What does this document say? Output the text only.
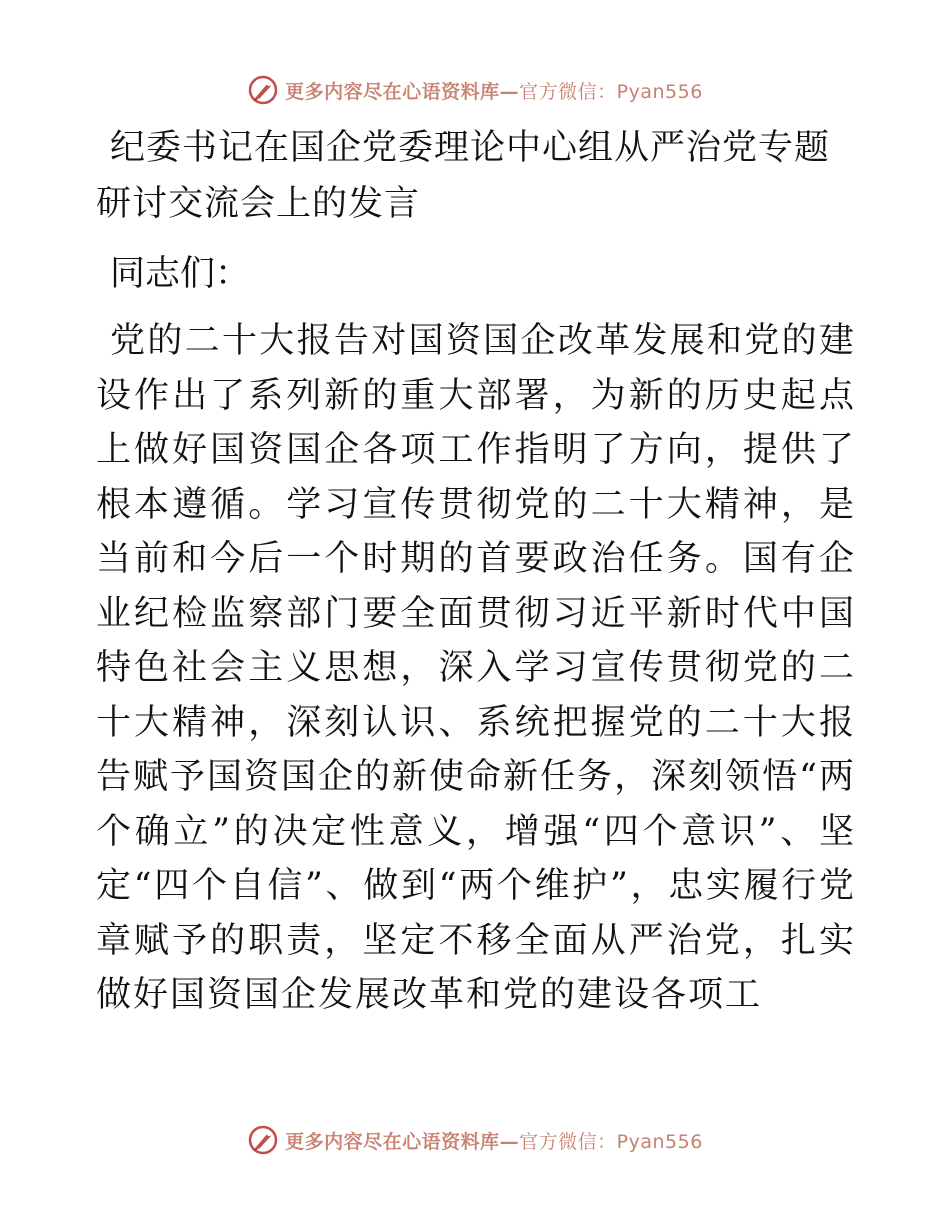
更多内容尽在心语资料库—官方微信：Pyan556
纪委书记在国企党委理论中心组从严治党专题研讨交流会上的发言

同志们：

党的二十大报告对国资国企改革发展和党的建设作出了系列新的重大部署，为新的历史起点上做好国资国企各项工作指明了方向，提供了根本遵循。学习宣传贯彻党的二十大精神，是当前和今后一个时期的首要政治任务。国有企业纪检监察部门要全面贯彻习近平新时代中国特色社会主义思想，深入学习宣传贯彻党的二十大精神，深刻认识、系统把握党的二十大报告赋予国资国企的新使命新任务，深刻领悟“两个确立”的决定性意义，增强“四个意识”、坚定“四个自信”、做到“两个维护”，忠实履行党章赋予的职责，坚定不移全面从严治党，扎实做好国资国企发展改革和党的建设各项工

更多内容尽在心语资料库—官方微信：Pyan556
